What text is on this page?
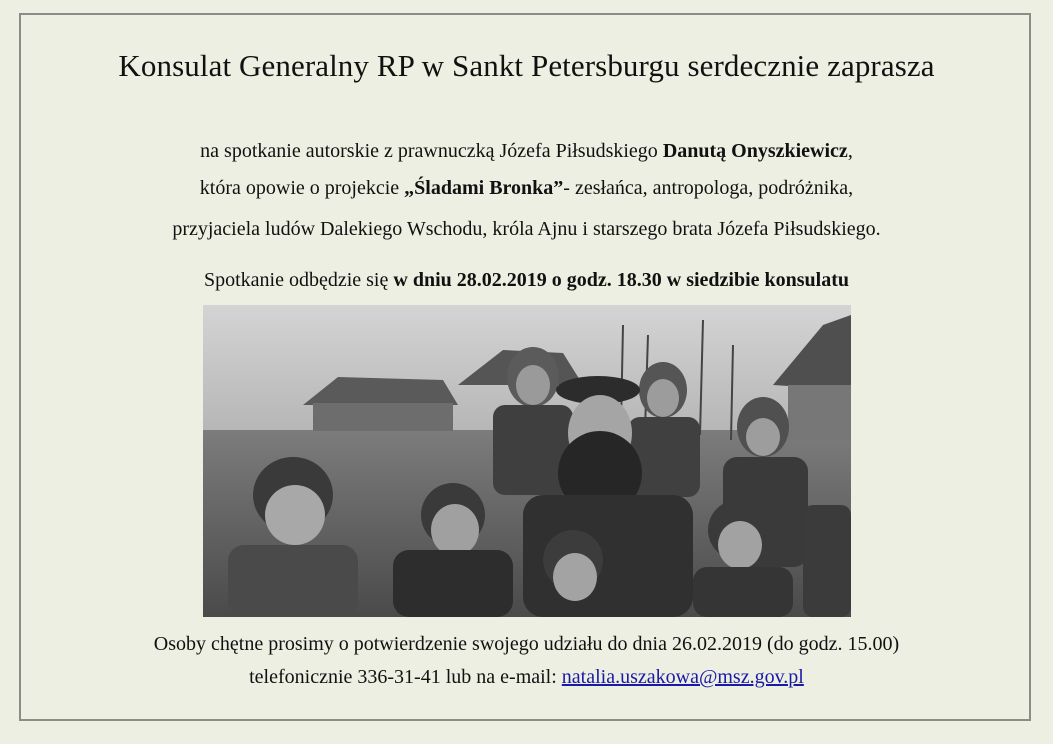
Konsulat Generalny RP w Sankt Petersburgu serdecznie zaprasza
na spotkanie autorskie z prawnuczką Józefa Piłsudskiego Danutą Onyszkiewicz,
która opowie o projekcie „Śladami Bronka”- zesłańca, antropologa, podróżnika,
przyjaciela ludów Dalekiego Wschodu, króla Ajnu i starszego brata Józefa Piłsudskiego.
Spotkanie odbędzie się w dniu 28.02.2019 o godz. 18.30 w siedzibie konsulatu
Osoby chętne prosimy o potwierdzenie swojego udziału do dnia 26.02.2019 (do godz. 15.00)
telefonicznie 336-31-41 lub na e-mail: natalia.uszakowa@msz.gov.pl
